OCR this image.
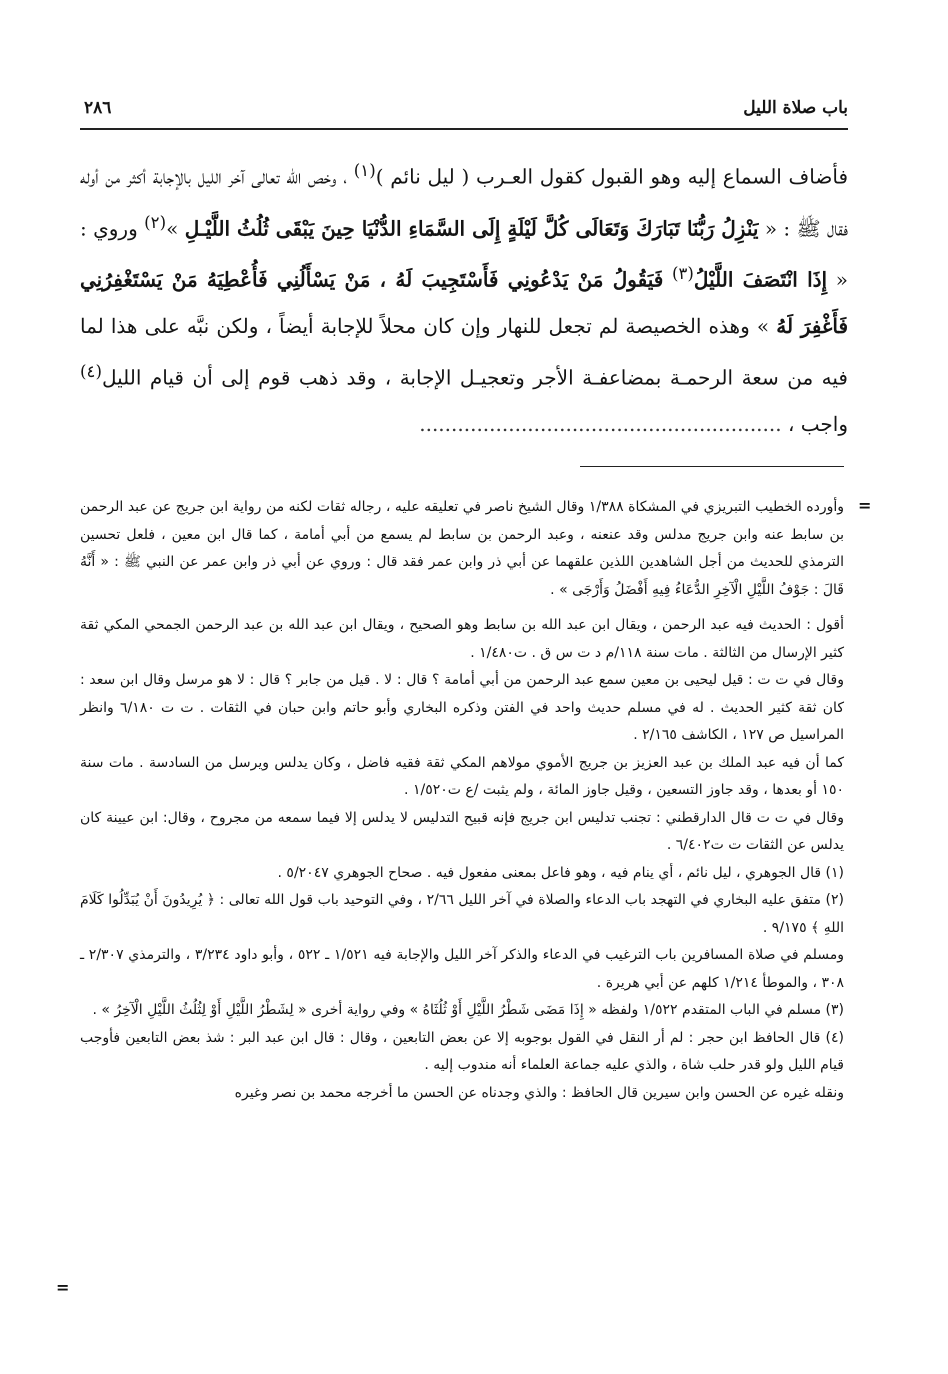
باب صلاة الليل
٢٨٦

فأضاف السماع إليه وهو القبول كقول العـرب ( ليل نائم )$^{(١)}$ ، وخص الله تعالى آخر الليل بالإجابة أكثر من أوله فقال ﷺ : « يَنْزِلُ رَبُّنَا تَبَارَكَ وَتَعَالَى كُلَّ لَيْلَةٍ إِلَى السَّمَاءِ الدُّنْيَا حِينَ يَبْقَى ثُلُثُ اللَّيْـلِ »$^{(٢)}$ وروي : « إِذَا انْتَصَفَ اللَّيْلُ$^{(٣)}$ فَيَقُولُ مَنْ يَدْعُونِي فَأَسْتَجِيبَ لَهُ ، مَنْ يَسْأَلُنِي فَأُعْطِيَهُ مَنْ يَسْتَغْفِرُنِي فَأَغْفِرَ لَهُ » وهذه الخصيصة لم تجعل للنهار وإن كان محلاً للإجابة أيضاً ، ولكن نبَّه على هذا لما فيه من سعة الرحمـة بمضاعفـة الأجر وتعجيـل الإجابة ، وقد ذهب قوم إلى أن قيام الليل$^{(٤)}$ واجب ، .........................................................

=

وأورده الخطيب التبريزي في المشكاة ١/٣٨٨ وقال الشيخ ناصر في تعليقه عليه ، رجاله ثقات لكنه من رواية ابن جريج عن عبد الرحمن بن سابط عنه وابن جريج مدلس وقد عنعنه ، وعبد الرحمن بن سابط لم يسمع من أبي أمامة ، كما قال ابن معين ، فلعل تحسين الترمذي للحديث من أجل الشاهدين اللذين علقهما عن أبي ذر وابن عمر فقد قال : وروي عن أبي ذر وابن عمر عن النبي ﷺ : « أَنَّهُ قَالَ : جَوْفُ اللَّيْلِ الْآخِرِ الدُّعَاءُ فِيهِ أَفْضَلُ وَأَرْجَى » .

أقول : الحديث فيه عبد الرحمن ، ويقال ابن عبد الله بن سابط وهو الصحيح ، ويقال ابن عبد الله بن عبد الرحمن الجمحي المكي ثقة كثير الإرسال من الثالثة . مات سنة ١١٨/م د ت س ق . ت١/٤٨٠ .

وقال في ت ت : قيل ليحيى بن معين سمع عبد الرحمن من أبي أمامة ؟ قال : لا . قيل من جابر ؟ قال : لا هو مرسل وقال ابن سعد : كان ثقة كثير الحديث . له في مسلم حديث واحد في الفتن وذكره البخاري وأبو حاتم وابن حبان في الثقات . ت ت ٦/١٨٠ وانظر المراسيل ص ١٢٧ ، الكاشف ٢/١٦٥ .

كما أن فيه عبد الملك بن عبد العزيز بن جريج الأموي مولاهم المكي ثقة فقيه فاضل ، وكان يدلس ويرسل من السادسة . مات سنة ١٥٠ أو بعدها ، وقد جاوز التسعين ، وقيل جاوز المائة ، ولم يثبت /ع ت١/٥٢٠ .

وقال في ت ت قال الدارقطني : تجنب تدليس ابن جريج فإنه قبيح التدليس لا يدلس إلا فيما سمعه من مجروح ، وقال: ابن عيينة كان يدلس عن الثقات ت ت٦/٤٠٢ .

(١) قال الجوهري ، ليل نائم ، أي ينام فيه ، وهو فاعل بمعنى مفعول فيه . صحاح الجوهري ٥/٢٠٤٧ .

(٢) متفق عليه البخاري في التهجد باب الدعاء والصلاة في آخر الليل ٢/٦٦ ، وفي التوحيد باب قول الله تعالى : ﴿ يُرِيدُونَ أَنْ يُبَدِّلُوا كَلَامَ اللهِ ﴾ ٩/١٧٥ .

ومسلم في صلاة المسافرين باب الترغيب في الدعاء والذكر آخر الليل والإجابة فيه ١/٥٢١ ـ ٥٢٢ ، وأبو داود ٣/٢٣٤ ، والترمذي ٢/٣٠٧ ـ ٣٠٨ ، والموطأ ١/٢١٤ كلهم عن أبي هريرة .

(٣) مسلم في الباب المتقدم ١/٥٢٢ ولفظه « إِذَا مَضَى شَطْرُ اللَّيْلِ أَوْ ثُلُثَاهُ » وفي رواية أخرى « لِشَطْرُ اللَّيْلِ أَوْ لِثُلُثُ اللَّيْلِ الْآخِرُ » .

(٤) قال الحافظ ابن حجر : لم أر النقل في القول بوجوبه إلا عن بعض التابعين ، وقال : قال ابن عبد البر : شذ بعض التابعين فأوجب قيام الليل ولو قدر حلب شاة ، والذي عليه جماعة العلماء أنه مندوب إليه .

ونقله غيره عن الحسن وابن سيرين قال الحافظ : والذي وجدناه عن الحسن ما أخرجه محمد بن نصر وغيره

=
